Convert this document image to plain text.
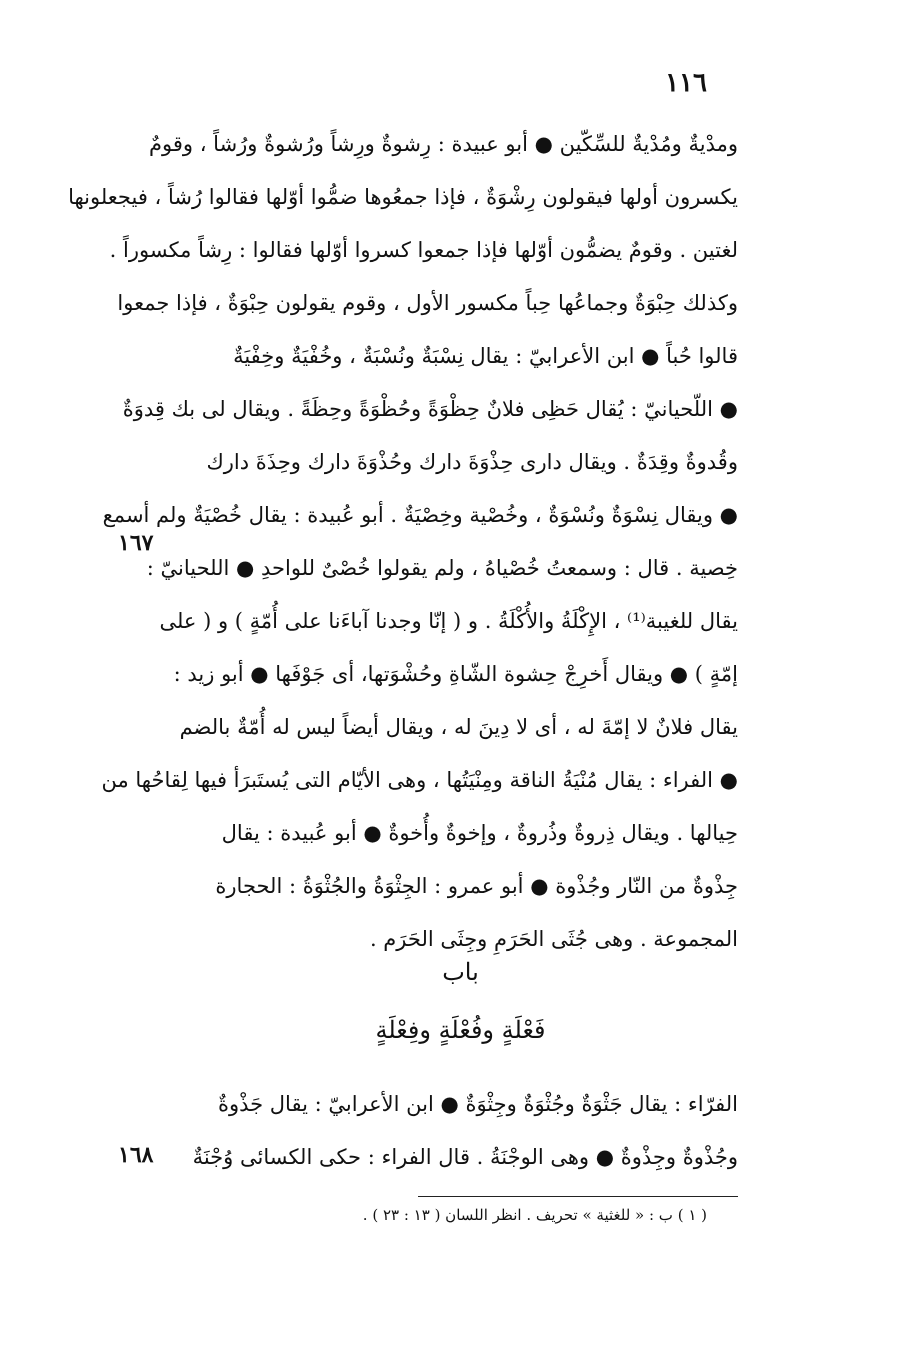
١١٦
ومدْيةٌ ومُدْيةٌ للسِّكّين ● أبو عبيدة : رِشوةٌ ورِشاً ورُشوةٌ ورُشاً ، وقومٌ
يكسرون أولها فيقولون رِشْوَةٌ ، فإذا جمعُوها ضمُّوا أوّلها فقالوا رُشاً ، فيجعلونها
لغتين . وقومٌ يضمُّون أوّلها فإذا جمعوا كسروا أوّلها فقالوا : رِشاً مكسوراً .
وكذلك حِبْوَةٌ وجماعُها حِباً مكسور الأول ، وقوم يقولون حِبْوَةٌ ، فإذا جمعوا
قالوا حُباً ● ابن الأعرابيّ : يقال نِسْبَةٌ ونُسْبَةٌ ، وخُفْيَةٌ وخِفْيَةٌ
● اللّحيانيّ : يُقال حَظِى فلانٌ حِظْوَةً وحُظْوَةً وحِظَةً . ويقال لى بك قِدوَةٌ
وقُدوةٌ وقِدَةٌ . ويقال دارى حِذْوَةَ دارك وحُذْوَةَ دارك وحِذَةَ دارك
● ويقال نِسْوَةٌ ونُسْوَةٌ ، وخُصْية وخِصْيَةٌ . أبو عُبيدة : يقال خُصْيَةٌ ولم أسمع
خِصية . قال : وسمعتُ خُصْياهُ ، ولم يقولوا خُصْىٌ للواحدِ ● اللحيانيّ :
يقال للغيبة⁽¹⁾ ، الإِكْلَةُ والأُكْلَةُ . و ( إنّا وجدنا آباءَنا على أُمّةٍ ) و ( على
إمّةٍ ) ● ويقال أَخرِجْ حِشوة الشّاةِ وحُشْوَتها، أى جَوْفَها ● أبو زيد :
يقال فلانٌ لا إمّةَ له ، أى لا دِينَ له ، ويقال أيضاً ليس له أُمّةٌ بالضم
● الفراء : يقال مُنْيَةُ الناقة ومِنْيَتُها ، وهى الأيّام التى يُستَبرَأ فيها لِقاحُها من
حِيالها . ويقال ذِروةٌ وذُروةٌ ، وإخوةٌ وأُخوةٌ ● أبو عُبيدة : يقال
جِذْوةٌ من النّار وجُذْوة ● أبو عمرو : الجِثْوَةُ والجُثْوَةُ : الحجارة
المجموعة . وهى جُثَى الحَرَمِ وجِثَى الحَرَم .
١٦٧
باب
فَعْلَةٍ وفُعْلَةٍ وفِعْلَةٍ
الفرّاء : يقال جَثْوَةٌ وجُثْوَةٌ وجِثْوَةٌ ● ابن الأعرابيّ : يقال جَذْوةٌ
وجُذْوةٌ وجِذْوةٌ ● وهى الوجْنَةُ . قال الفراء : حكى الكسائى وُجْنَةٌ
١٦٨
( ١ ) ب : « للغثية » تحريف . انظر اللسان ( ١٣ : ٢٣ ) .
